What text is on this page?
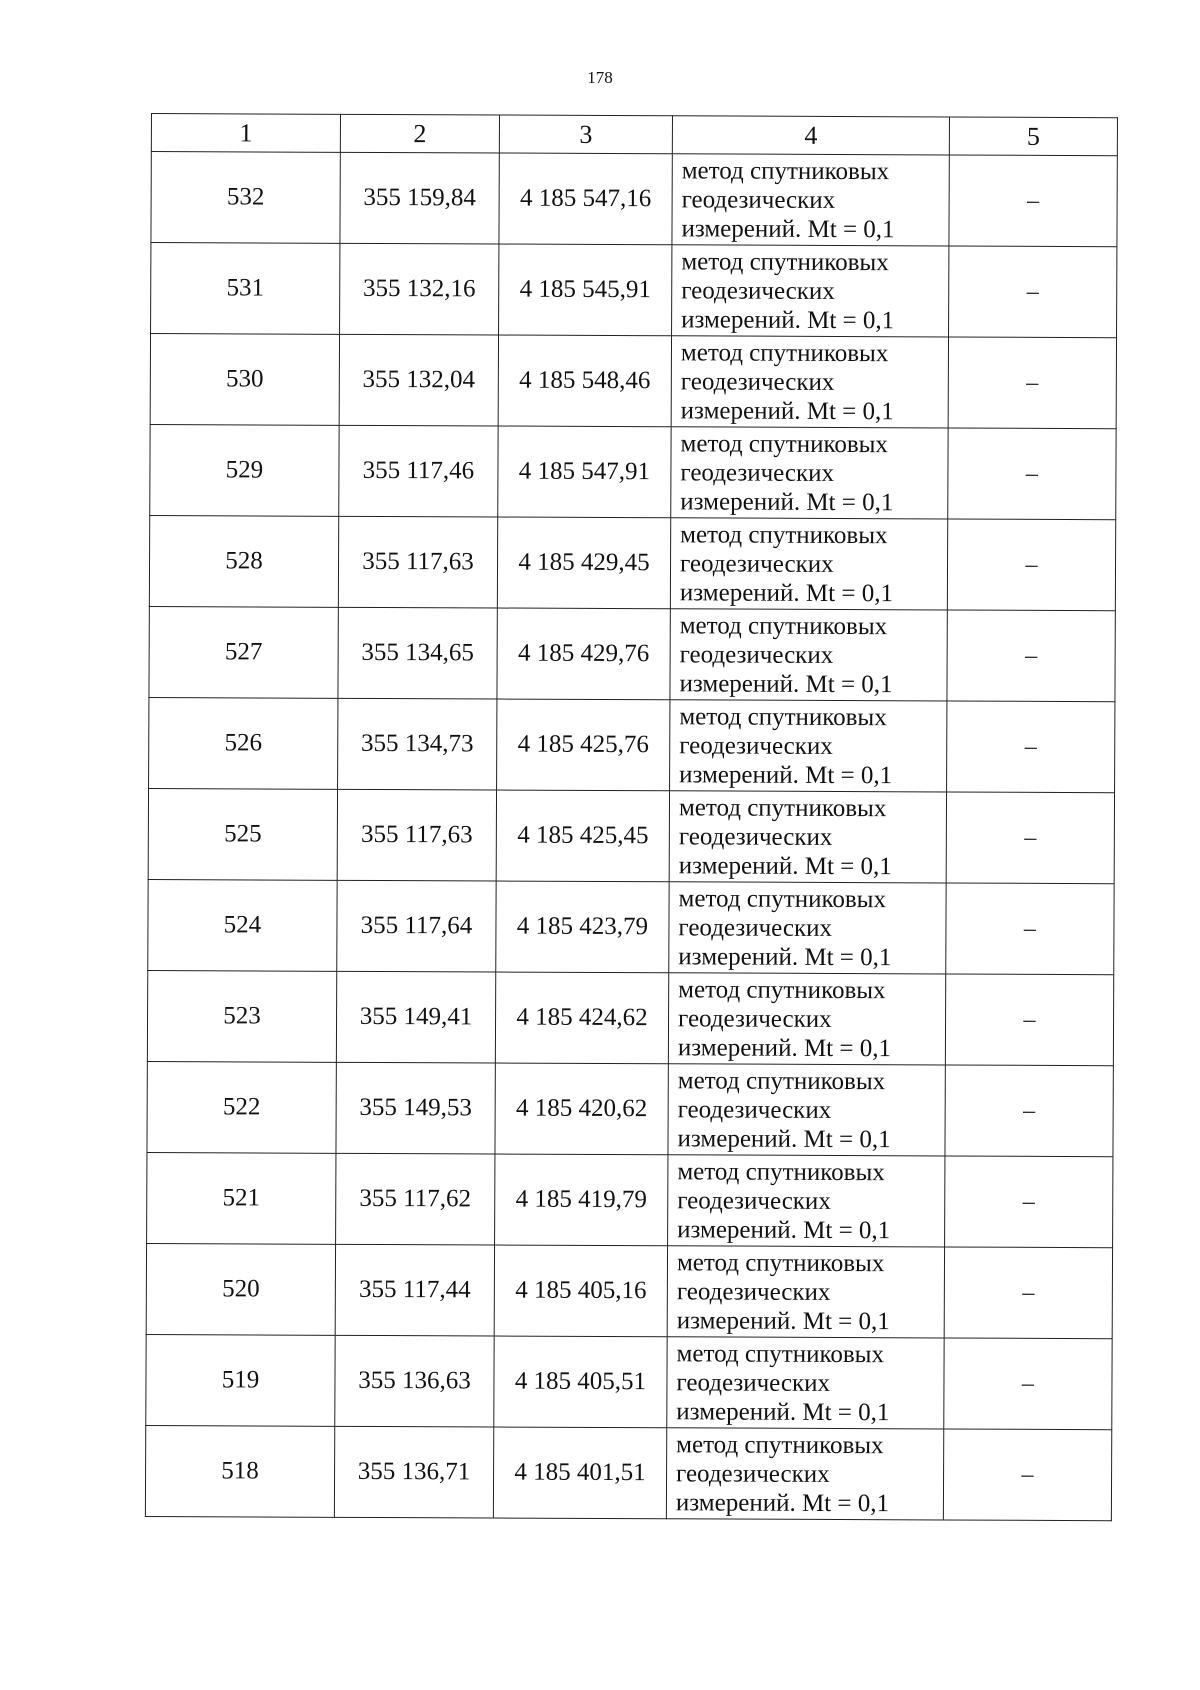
178
1	2	3	4	5
532	355 159,84	4 185 547,16	метод спутниковых
геодезических
измерений. Mt = 0,1	–
531	355 132,16	4 185 545,91	метод спутниковых
геодезических
измерений. Mt = 0,1	–
530	355 132,04	4 185 548,46	метод спутниковых
геодезических
измерений. Mt = 0,1	–
529	355 117,46	4 185 547,91	метод спутниковых
геодезических
измерений. Mt = 0,1	–
528	355 117,63	4 185 429,45	метод спутниковых
геодезических
измерений. Mt = 0,1	–
527	355 134,65	4 185 429,76	метод спутниковых
геодезических
измерений. Mt = 0,1	–
526	355 134,73	4 185 425,76	метод спутниковых
геодезических
измерений. Mt = 0,1	–
525	355 117,63	4 185 425,45	метод спутниковых
геодезических
измерений. Mt = 0,1	–
524	355 117,64	4 185 423,79	метод спутниковых
геодезических
измерений. Mt = 0,1	–
523	355 149,41	4 185 424,62	метод спутниковых
геодезических
измерений. Mt = 0,1	–
522	355 149,53	4 185 420,62	метод спутниковых
геодезических
измерений. Mt = 0,1	–
521	355 117,62	4 185 419,79	метод спутниковых
геодезических
измерений. Mt = 0,1	–
520	355 117,44	4 185 405,16	метод спутниковых
геодезических
измерений. Mt = 0,1	–
519	355 136,63	4 185 405,51	метод спутниковых
геодезических
измерений. Mt = 0,1	–
518	355 136,71	4 185 401,51	метод спутниковых
геодезических
измерений. Mt = 0,1	–
